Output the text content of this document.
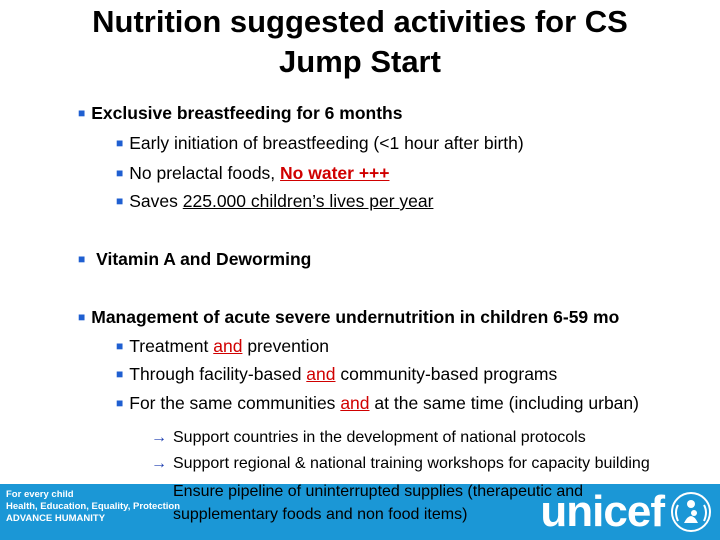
Nutrition suggested activities for CS
Jump Start
■ Exclusive breastfeeding for 6 months
■ Early initiation of breastfeeding (<1 hour after birth)
■ No prelactal foods, No water +++
■ Saves 225.000 children’s lives per year
■ Vitamin A and Deworming
■ Management of acute severe undernutrition in children 6-59 mo
■ Treatment and prevention
■ Through facility-based and community-based programs
■ For the same communities and at the same time (including urban)
→ Support countries in the development of national protocols
→ Support regional & national training workshops for capacity building
For every child
Health, Education, Equality, Protection
ADVANCE HUMANITY	unicef
Ensure pipeline of uninterrupted supplies (therapeutic and
supplementary foods and non food items)
